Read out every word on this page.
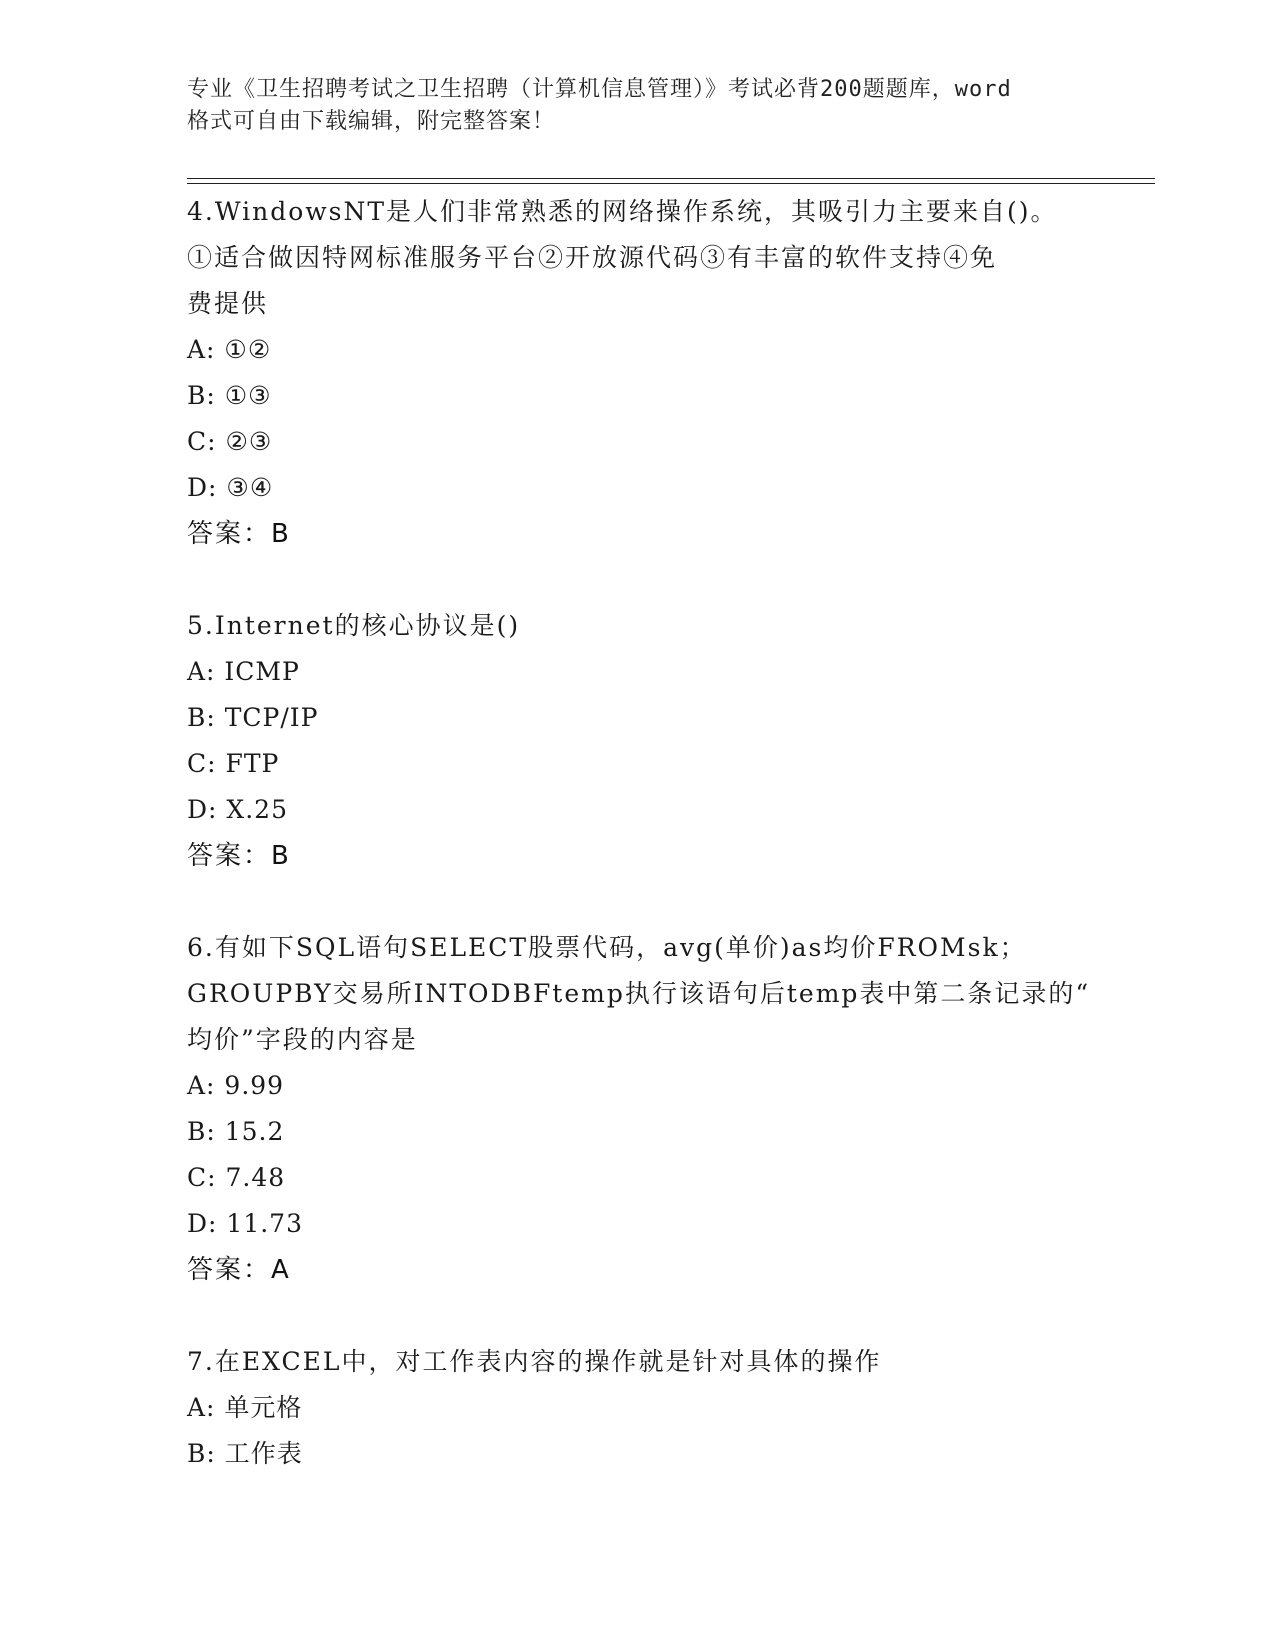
专业《卫生招聘考试之卫生招聘（计算机信息管理）》考试必背200题题库，word
格式可自由下载编辑，附完整答案！
4.WindowsNT是人们非常熟悉的网络操作系统，其吸引力主要来自()。
①适合做因特网标准服务平台②开放源代码③有丰富的软件支持④免
费提供
A: ①②
B: ①③
C: ②③
D: ③④
答案：B
5.Internet的核心协议是()
A: ICMP
B: TCP/IP
C: FTP
D: X.25
答案：B
6.有如下SQL语句SELECT股票代码，avg(单价)as均价FROMsk；
GROUPBY交易所INTODBFtemp执行该语句后temp表中第二条记录的“
均价”字段的内容是
A: 9.99
B: 15.2
C: 7.48
D: 11.73
答案：A
7.在EXCEL中，对工作表内容的操作就是针对具体的操作
A: 单元格
B: 工作表
